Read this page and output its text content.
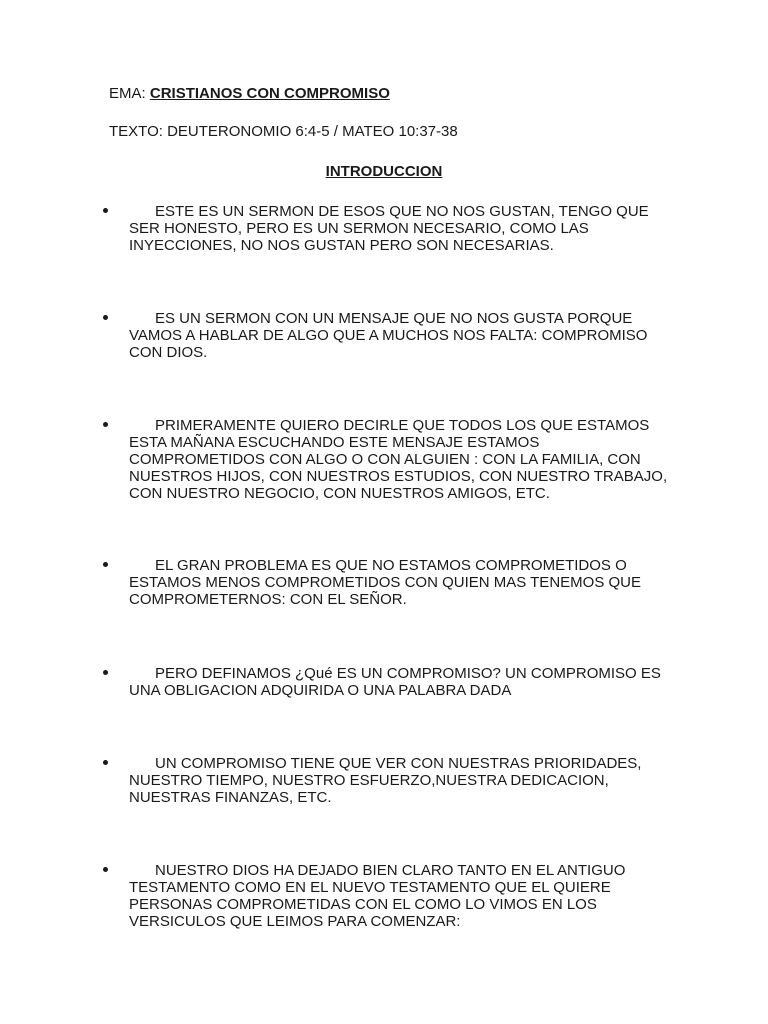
EMA: CRISTIANOS CON COMPROMISO
TEXTO: DEUTERONOMIO 6:4-5 / MATEO 10:37-38
INTRODUCCION
ESTE ES UN SERMON DE ESOS QUE NO NOS GUSTAN, TENGO QUE SER HONESTO, PERO ES UN SERMON NECESARIO, COMO LAS INYECCIONES, NO NOS GUSTAN PERO SON NECESARIAS.
ES UN SERMON CON UN MENSAJE QUE NO NOS GUSTA PORQUE VAMOS A HABLAR DE ALGO QUE A MUCHOS NOS FALTA: COMPROMISO CON DIOS.
PRIMERAMENTE QUIERO DECIRLE QUE TODOS LOS QUE ESTAMOS ESTA MAÑANA ESCUCHANDO ESTE MENSAJE ESTAMOS COMPROMETIDOS CON ALGO O CON ALGUIEN : CON LA FAMILIA, CON NUESTROS HIJOS, CON NUESTROS ESTUDIOS, CON NUESTRO TRABAJO, CON NUESTRO NEGOCIO, CON NUESTROS AMIGOS, ETC.
EL GRAN PROBLEMA ES QUE NO ESTAMOS COMPROMETIDOS O ESTAMOS MENOS COMPROMETIDOS CON QUIEN MAS TENEMOS QUE COMPROMETERNOS: CON EL SEÑOR.
PERO DEFINAMOS ¿Qué ES UN COMPROMISO? UN COMPROMISO ES UNA OBLIGACION ADQUIRIDA O UNA PALABRA DADA
UN COMPROMISO TIENE QUE VER CON NUESTRAS PRIORIDADES, NUESTRO TIEMPO, NUESTRO ESFUERZO,NUESTRA DEDICACION, NUESTRAS FINANZAS, ETC.
NUESTRO DIOS HA DEJADO BIEN CLARO TANTO EN EL ANTIGUO TESTAMENTO COMO EN EL NUEVO TESTAMENTO QUE EL QUIERE PERSONAS COMPROMETIDAS CON EL COMO LO VIMOS EN LOS VERSICULOS QUE LEIMOS PARA COMENZAR:
